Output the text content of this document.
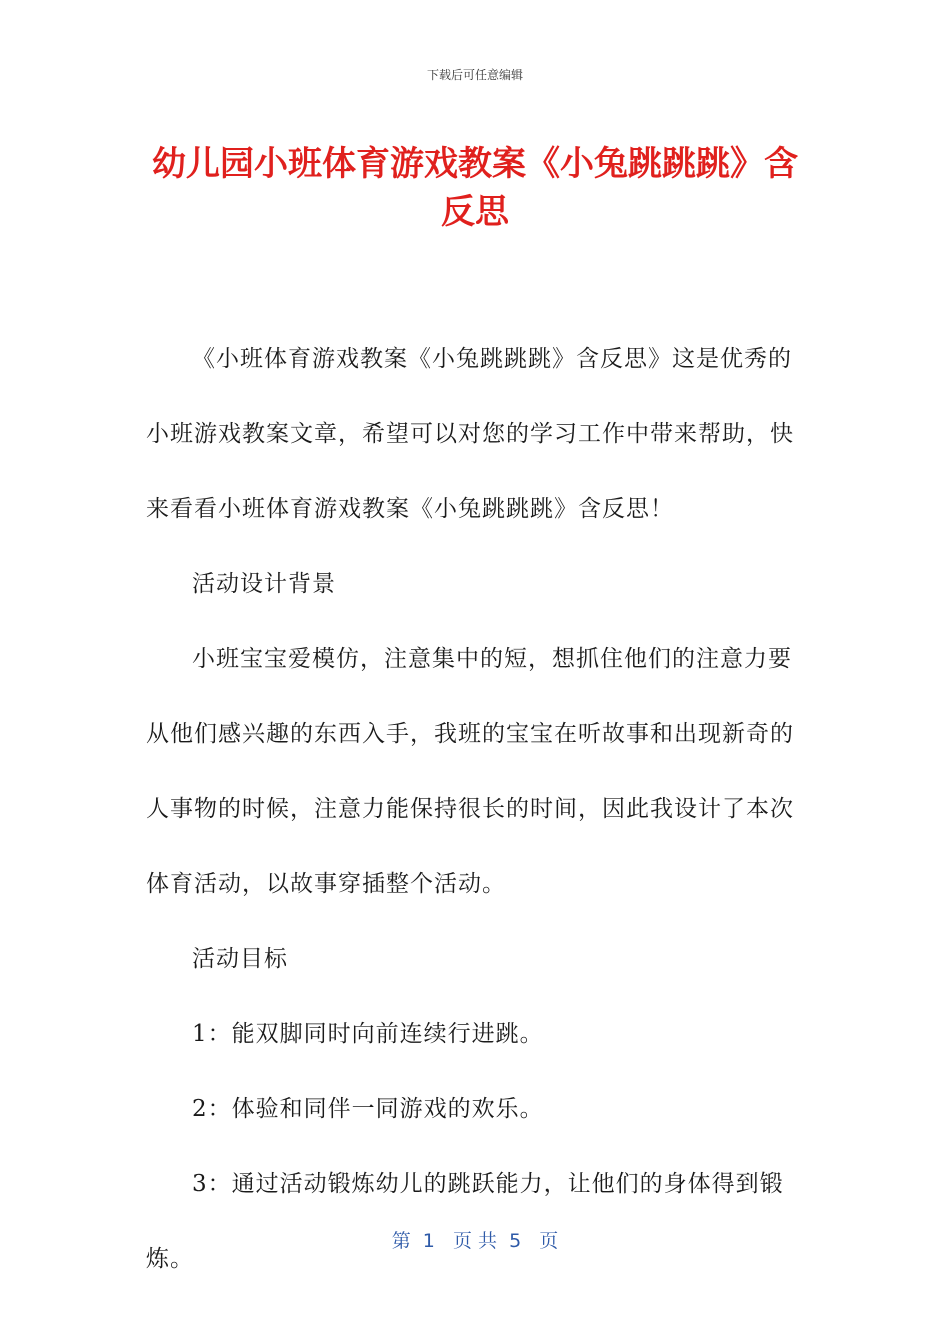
下载后可任意编辑
幼儿园小班体育游戏教案《小兔跳跳跳》含反思

《小班体育游戏教案《小兔跳跳跳》含反思》这是优秀的小班游戏教案文章，希望可以对您的学习工作中带来帮助，快来看看小班体育游戏教案《小兔跳跳跳》含反思！

活动设计背景

小班宝宝爱模仿，注意集中的短，想抓住他们的注意力要从他们感兴趣的东西入手，我班的宝宝在听故事和出现新奇的人事物的时候，注意力能保持很长的时间，因此我设计了本次体育活动，以故事穿插整个活动。

活动目标

1：能双脚同时向前连续行进跳。

2：体验和同伴一同游戏的欢乐。

3：通过活动锻炼幼儿的跳跃能力，让他们的身体得到锻炼。

第  1   页 共  5   页
